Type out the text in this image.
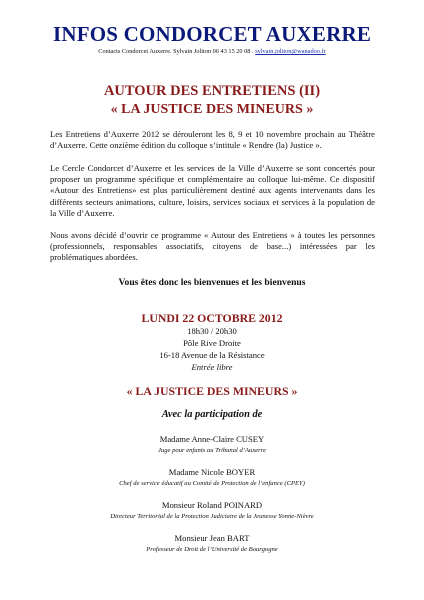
INFOS CONDORCET AUXERRE
Contacts Condorcet Auxerre. Sylvain Joliton 06 43 15 20 08 . sylvain.joliton@wanadoo.fr
AUTOUR DES ENTRETIENS (II)
« LA JUSTICE DES MINEURS »
Les Entretiens d’Auxerre 2012 se dérouleront les 8, 9 et 10 novembre prochain au Théâtre d’Auxerre. Cette onzième édition du colloque s’intitule « Rendre (la) Justice ».
Le Cercle Condorcet d’Auxerre et les services de la Ville d’Auxerre se sont concertés pour proposer un programme spécifique et complémentaire au colloque lui-même. Ce dispositif «Autour des Entretiens» est plus particulièrement destiné aux agents intervenants dans les différents secteurs animations, culture, loisirs, services sociaux et services à la population de la Ville d’Auxerre.
Nous avons décidé d’ouvrir ce programme « Autour des Entretiens » à toutes les personnes (professionnels, responsables associatifs, citoyens de base...) intéressées par les problématiques abordées.
Vous êtes donc les bienvenues et les bienvenus
LUNDI 22 OCTOBRE 2012
18h30 / 20h30
Pôle Rive Droite
16-18 Avenue de la Résistance
Entrée libre
« LA JUSTICE DES MINEURS »
Avec la participation de
Madame Anne-Claire CUSEY
Juge pour enfants au Tribunal d’Auxerre
Madame Nicole BOYER
Chef de service éducatif au Comité de Protection de l’enfance (CPEY)
Monsieur Roland POINARD
Directeur Territorial de la Protection Judiciaire de la Jeunesse Yonne-Nièvre
Monsieur Jean BART
Professeur de Droit de l’Université de Bourgogne
